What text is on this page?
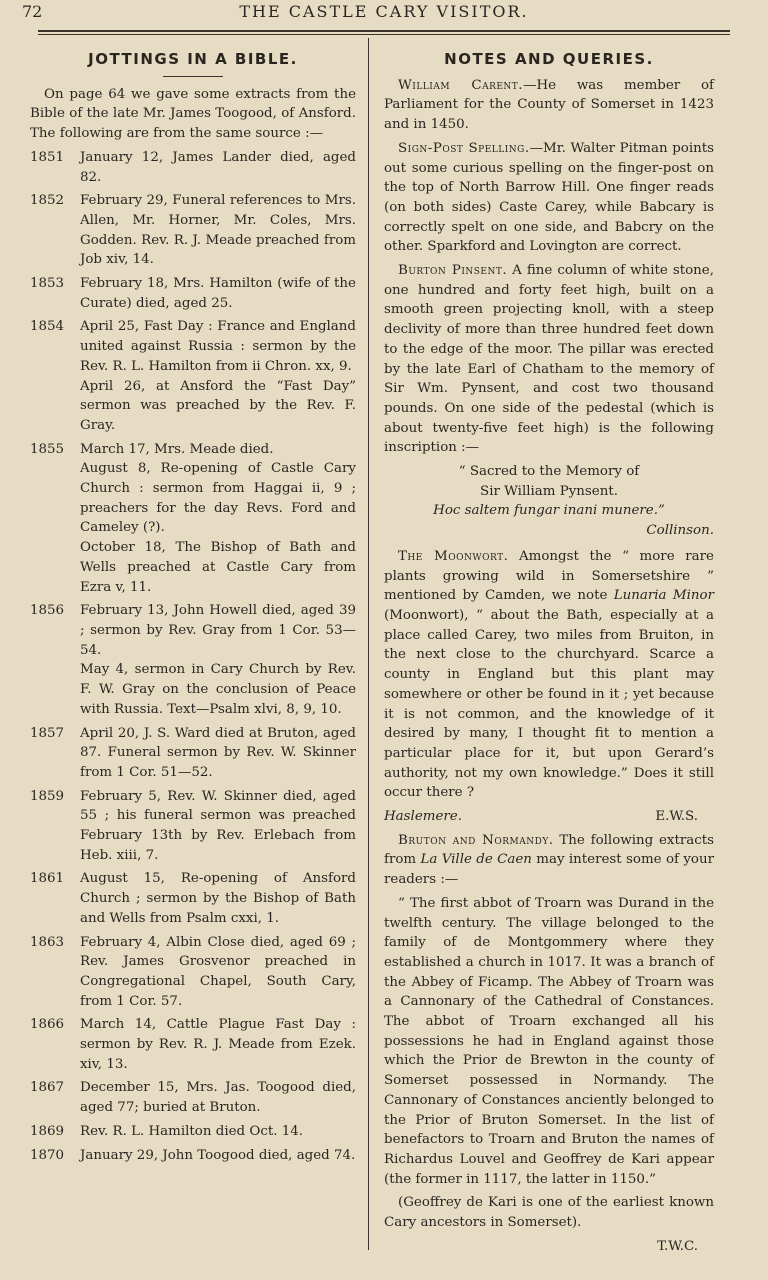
72	THE CASTLE CARY VISITOR.
JOTTINGS IN A BIBLE.

On page 64 we gave some extracts from the Bible of the late Mr. James Toogood, of Ansford. The following are from the same source :—

1851	January 12, James Lander died, aged 82.
1852	February 29, Funeral references to Mrs. Allen, Mr. Horner, Mr. Coles, Mrs. Godden. Rev. R. J. Meade preached from Job xiv, 14.
1853	February 18, Mrs. Hamilton (wife of the Curate) died, aged 25.
1854	April 25, Fast Day : France and England united against Russia : sermon by the Rev. R. L. Hamilton from ii Chron. xx, 9.
April 26, at Ansford the “Fast Day” sermon was preached by the Rev. F. Gray.
1855	March 17, Mrs. Meade died.
August 8, Re-opening of Castle Cary Church : sermon from Haggai ii, 9 ; preachers for the day Revs. Ford and Cameley (?).
October 18, The Bishop of Bath and Wells preached at Castle Cary from Ezra v, 11.
1856	February 13, John Howell died, aged 39 ; sermon by Rev. Gray from 1 Cor. 53—54.
May 4, sermon in Cary Church by Rev. F. W. Gray on the conclusion of Peace with Russia. Text—Psalm xlvi, 8, 9, 10.
1857	April 20, J. S. Ward died at Bruton, aged 87. Funeral sermon by Rev. W. Skinner from 1 Cor. 51—52.
1859	February 5, Rev. W. Skinner died, aged 55 ; his funeral sermon was preached February 13th by Rev. Erlebach from Heb. xiii, 7.
1861	August 15, Re-opening of Ansford Church ; sermon by the Bishop of Bath and Wells from Psalm cxxi, 1.
1863	February 4, Albin Close died, aged 69 ; Rev. James Grosvenor preached in Congregational Chapel, South Cary, from 1 Cor. 57.
1866	March 14, Cattle Plague Fast Day : sermon by Rev. R. J. Meade from Ezek. xiv, 13.
1867	December 15, Mrs. Jas. Toogood died, aged 77; buried at Bruton.
1869	Rev. R. L. Hamilton died Oct. 14.
1870	January 29, John Toogood died, aged 74.
NOTES AND QUERIES.

William Carent.—He was member of Parliament for the County of Somerset in 1423 and in 1450.

Sign-Post Spelling.—Mr. Walter Pitman points out some curious spelling on the finger-post on the top of North Barrow Hill. One finger reads (on both sides) Caste Carey, while Babcary is correctly spelt on one side, and Babcry on the other. Sparkford and Lovington are correct.

Burton Pinsent. A fine column of white stone, one hundred and forty feet high, built on a smooth green projecting knoll, with a steep declivity of more than three hundred feet down to the edge of the moor. The pillar was erected by the late Earl of Chatham to the memory of Sir Wm. Pynsent, and cost two thousand pounds. On one side of the pedestal (which is about twenty-five feet high) is the following inscription :—

“ Sacred to the Memory of

Sir William Pynsent.

Hoc saltem fungar inani munere.”

Collinson.

The Moonwort. Amongst the “ more rare plants growing wild in Somersetshire ” mentioned by Camden, we note Lunaria Minor (Moonwort), “ about the Bath, especially at a place called Carey, two miles from Bruiton, in the next close to the churchyard. Scarce a county in England but this plant may somewhere or other be found in it ; yet because it is not common, and the knowledge of it desired by many, I thought fit to mention a particular place for it, but upon Gerard’s authority, not my own knowledge.” Does it still occur there ?

Haslemere.	E.W.S.

Bruton and Normandy. The following extracts from La Ville de Caen may interest some of your readers :—

“ The first abbot of Troarn was Durand in the twelfth century. The village belonged to the family of de Montgommery where they established a church in 1017. It was a branch of the Abbey of Ficamp. The Abbey of Troarn was a Cannonary of the Cathedral of Constances. The abbot of Troarn exchanged all his possessions he had in England against those which the Prior de Brewton in the county of Somerset possessed in Normandy. The Cannonary of Constances anciently belonged to the Prior of Bruton Somerset. In the list of benefactors to Troarn and Bruton the names of Richardus Louvel and Geoffrey de Kari appear (the former in 1117, the latter in 1150.”

(Geoffrey de Kari is one of the earliest known Cary ancestors in Somerset).

T.W.C.
